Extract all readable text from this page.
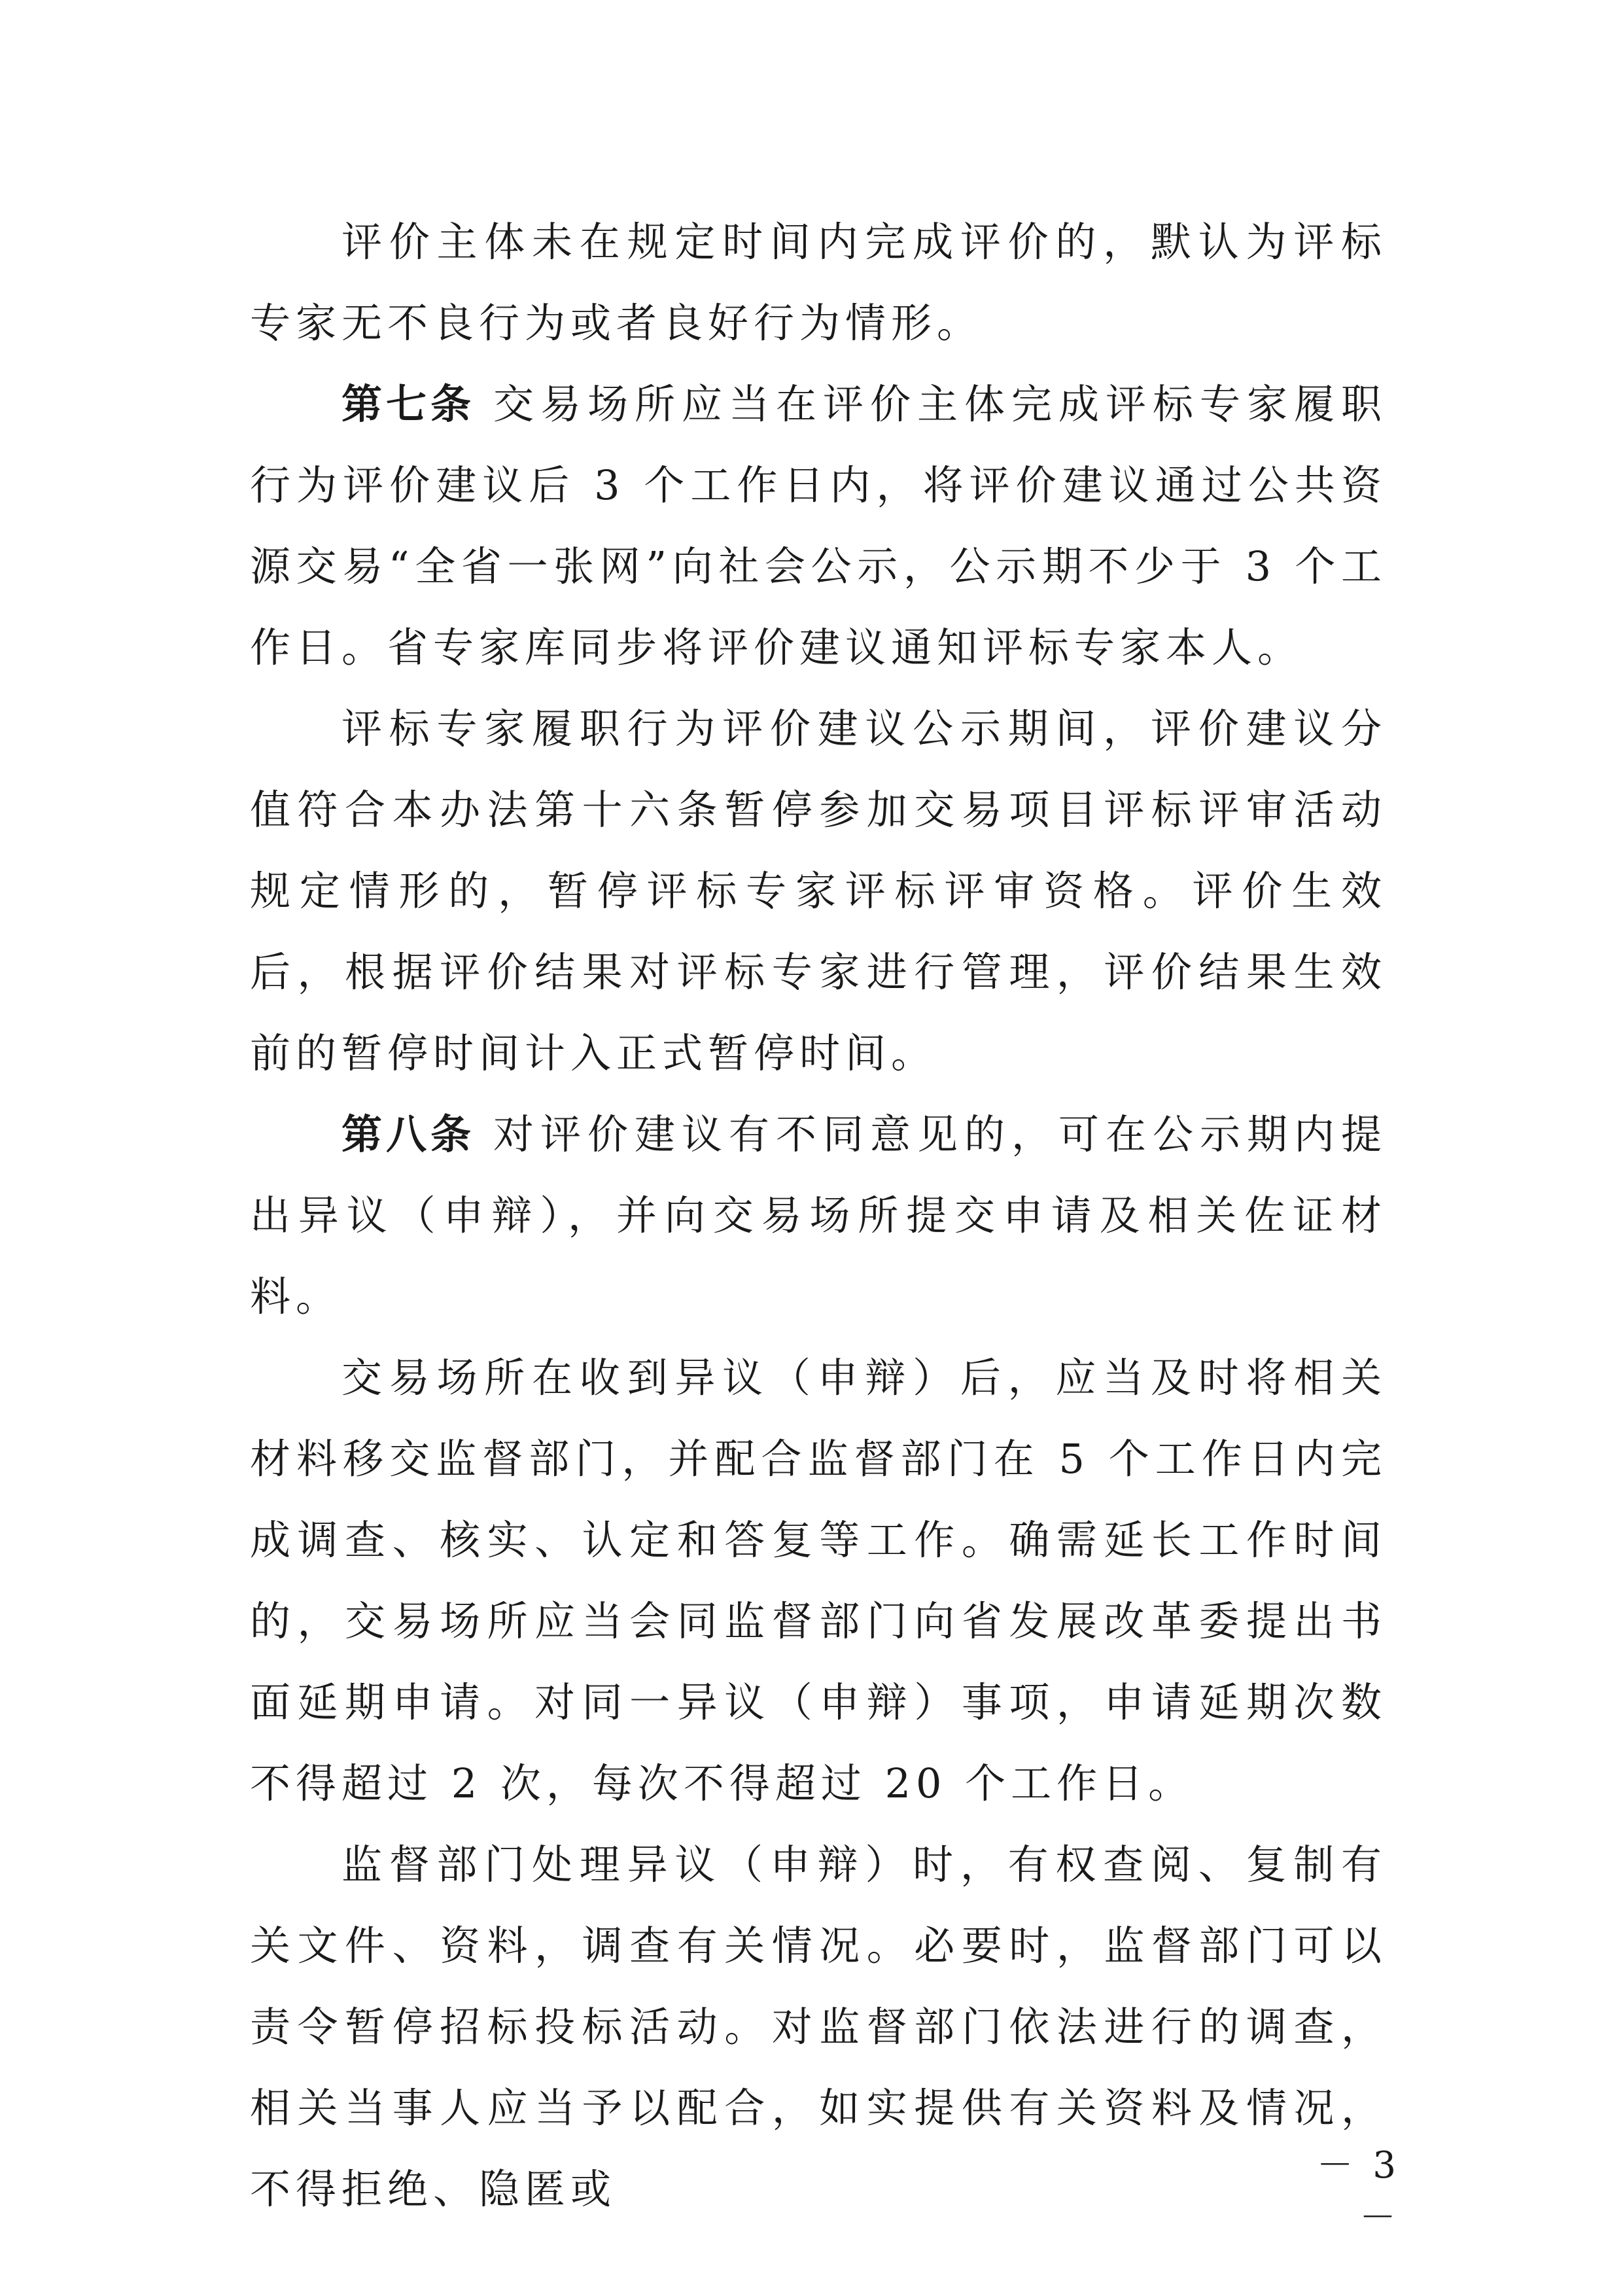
评价主体未在规定时间内完成评价的，默认为评标专家无不良行为或者良好行为情形。

第七条 交易场所应当在评价主体完成评标专家履职行为评价建议后 3 个工作日内，将评价建议通过公共资源交易“全省一张网”向社会公示，公示期不少于 3 个工作日。省专家库同步将评价建议通知评标专家本人。

评标专家履职行为评价建议公示期间，评价建议分值符合本办法第十六条暂停参加交易项目评标评审活动规定情形的，暂停评标专家评标评审资格。评价生效后，根据评价结果对评标专家进行管理，评价结果生效前的暂停时间计入正式暂停时间。

第八条 对评价建议有不同意见的，可在公示期内提出异议（申辩），并向交易场所提交申请及相关佐证材料。

交易场所在收到异议（申辩）后，应当及时将相关材料移交监督部门，并配合监督部门在 5 个工作日内完成调查、核实、认定和答复等工作。确需延长工作时间的，交易场所应当会同监督部门向省发展改革委提出书面延期申请。对同一异议（申辩）事项，申请延期次数不得超过 2 次，每次不得超过 20 个工作日。

监督部门处理异议（申辩）时，有权查阅、复制有关文件、资料，调查有关情况。必要时，监督部门可以责令暂停招标投标活动。对监督部门依法进行的调查，相关当事人应当予以配合，如实提供有关资料及情况，不得拒绝、隐匿或	－ 3 －
